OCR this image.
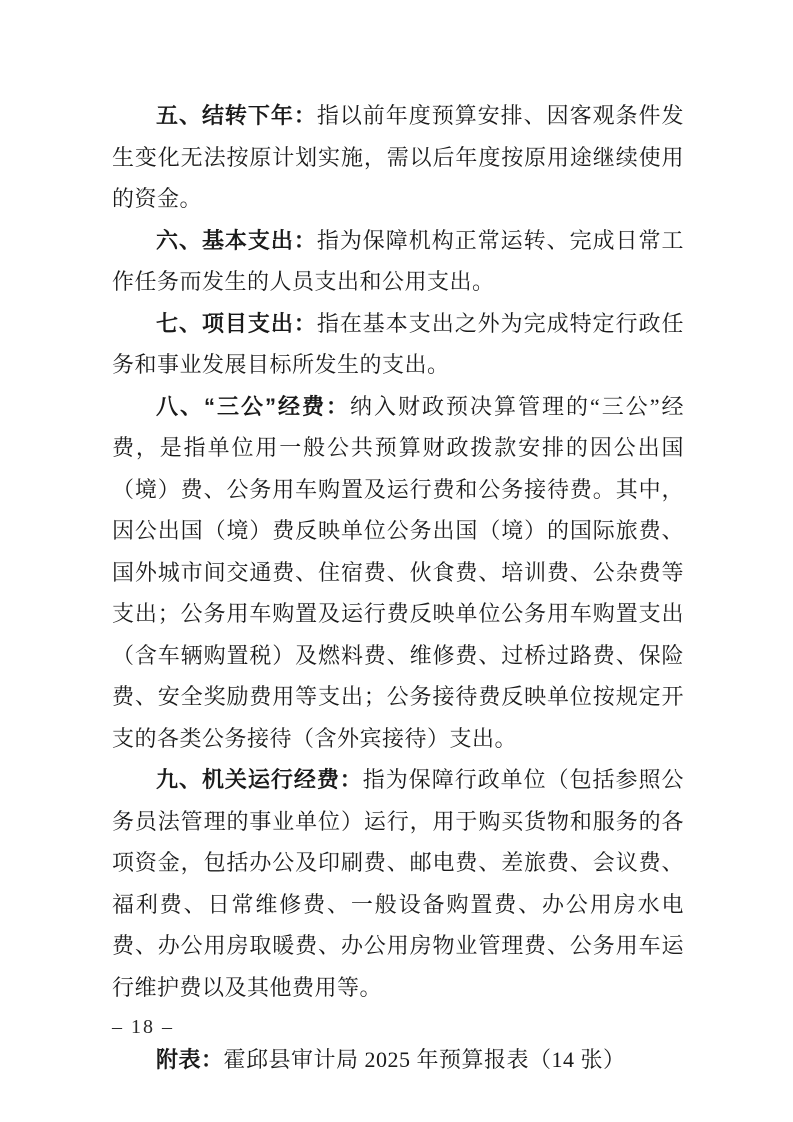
五、结转下年：指以前年度预算安排、因客观条件发生变化无法按原计划实施，需以后年度按原用途继续使用的资金。

六、基本支出：指为保障机构正常运转、完成日常工作任务而发生的人员支出和公用支出。

七、项目支出：指在基本支出之外为完成特定行政任务和事业发展目标所发生的支出。

八、“三公”经费：纳入财政预决算管理的“三公”经费，是指单位用一般公共预算财政拨款安排的因公出国（境）费、公务用车购置及运行费和公务接待费。其中，因公出国（境）费反映单位公务出国（境）的国际旅费、国外城市间交通费、住宿费、伙食费、培训费、公杂费等支出；公务用车购置及运行费反映单位公务用车购置支出（含车辆购置税）及燃料费、维修费、过桥过路费、保险费、安全奖励费用等支出；公务接待费反映单位按规定开支的各类公务接待（含外宾接待）支出。

九、机关运行经费：指为保障行政单位（包括参照公务员法管理的事业单位）运行，用于购买货物和服务的各项资金，包括办公及印刷费、邮电费、差旅费、会议费、福利费、日常维修费、一般设备购置费、办公用房水电费、办公用房取暖费、办公用房物业管理费、公务用车运行维护费以及其他费用等。

附表：霍邱县审计局 2025 年预算报表（14 张）

– 18 –
